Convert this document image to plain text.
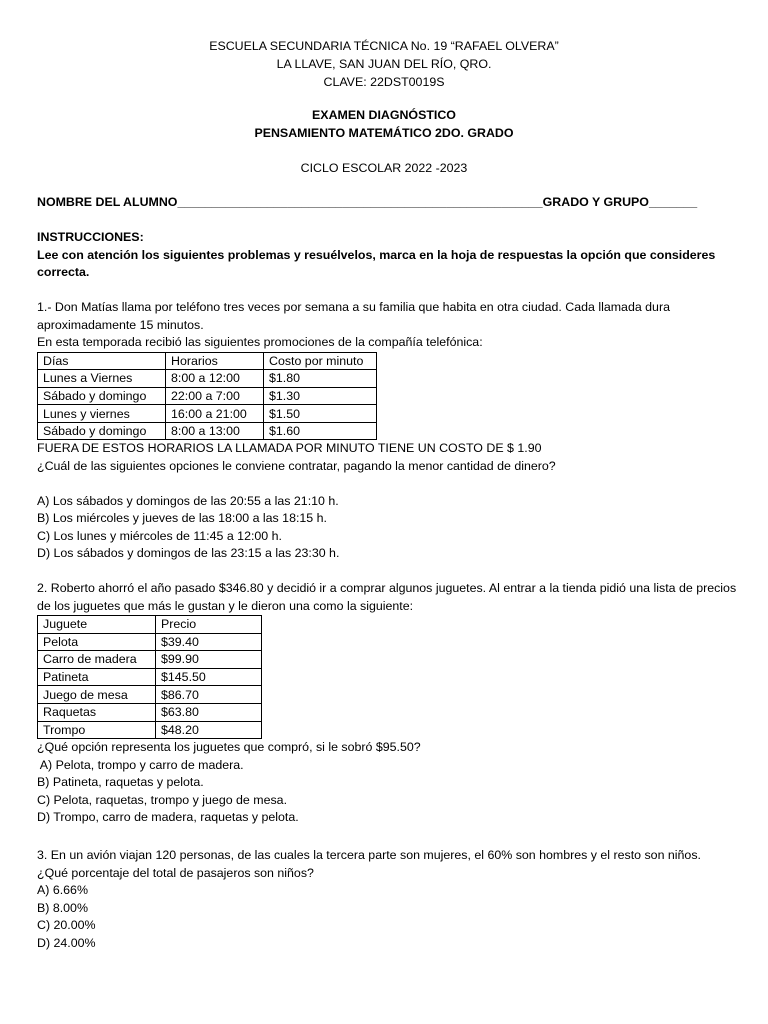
ESCUELA SECUNDARIA TÉCNICA No. 19 “RAFAEL OLVERA”
LA LLAVE, SAN JUAN DEL RÍO, QRO.
CLAVE: 22DST0019S
EXAMEN DIAGNÓSTICO
PENSAMIENTO MATEMÁTICO 2DO. GRADO
CICLO ESCOLAR 2022 -2023
NOMBRE DEL ALUMNO_____________________________________________________GRADO Y GRUPO_______
INSTRUCCIONES:
Lee con atención los siguientes problemas y resuélvelos, marca en la hoja de respuestas la opción que consideres correcta.
1.- Don Matías llama por teléfono tres veces por semana a su familia que habita en otra ciudad. Cada llamada dura aproximadamente 15 minutos.
En esta temporada recibió las siguientes promociones de la compañía telefónica:
Días	Horarios	Costo por minuto
Lunes a Viernes	8:00 a 12:00	$1.80
Sábado y domingo	22:00 a 7:00	$1.30
Lunes y viernes	16:00 a 21:00	$1.50
Sábado y domingo	8:00 a 13:00	$1.60
FUERA DE ESTOS HORARIOS LA LLAMADA POR MINUTO TIENE UN COSTO DE $ 1.90
¿Cuál de las siguientes opciones le conviene contratar, pagando la menor cantidad de dinero?
A) Los sábados y domingos de las 20:55 a las 21:10 h.
B) Los miércoles y jueves de las 18:00 a las 18:15 h.
C) Los lunes y miércoles de 11:45 a 12:00 h.
D) Los sábados y domingos de las 23:15 a las 23:30 h.
2. Roberto ahorró el año pasado $346.80 y decidió ir a comprar algunos juguetes. Al entrar a la tienda pidió una lista de precios de los juguetes que más le gustan y le dieron una como la siguiente:
Juguete	Precio
Pelota	$39.40
Carro de madera	$99.90
Patineta	$145.50
Juego de mesa	$86.70
Raquetas	$63.80
Trompo	$48.20
¿Qué opción representa los juguetes que compró, si le sobró $95.50?
A) Pelota, trompo y carro de madera.
B) Patineta, raquetas y pelota.
C) Pelota, raquetas, trompo y juego de mesa.
D) Trompo, carro de madera, raquetas y pelota.
3. En un avión viajan 120 personas, de las cuales la tercera parte son mujeres, el 60% son hombres y el resto son niños.
¿Qué porcentaje del total de pasajeros son niños?
A) 6.66%
B) 8.00%
C) 20.00%
D) 24.00%
